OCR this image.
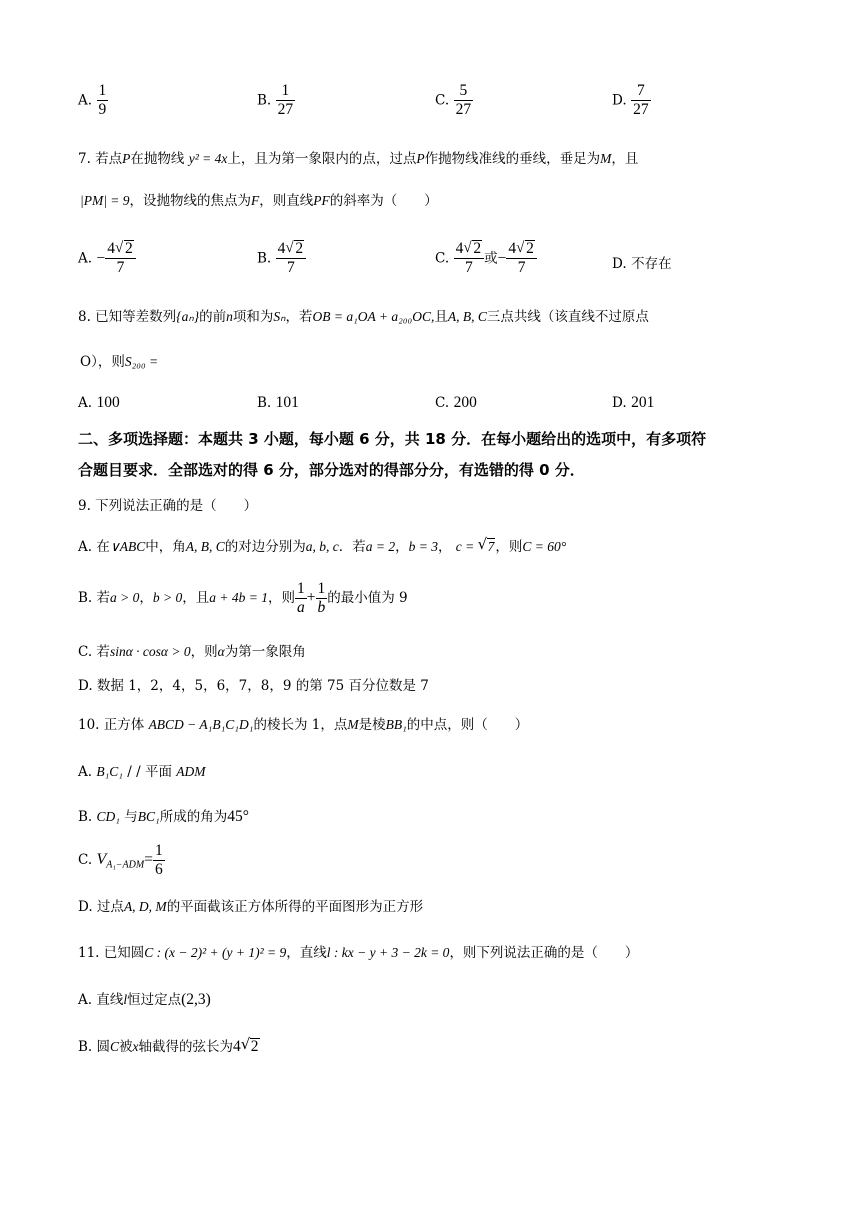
A. $\frac{1}{9}$	B. $\frac{1}{27}$	C. $\frac{5}{27}$	D. $\frac{7}{27}$
7. 若点P在抛物线 y² = 4x上，且为第一象限内的点，过点P作抛物线准线的垂线，垂足为M，且
|PM| = 9，设抛物线的焦点为F，则直线PF的斜率为（　　）
A. − $\frac{4 √ 2}{7}$	B. $\frac{4 √ 2}{7}$	C. $\frac{4 √ 2}{7}$ 或− $\frac{4 √ 2}{7}$	D. 不存在
8. 已知等差数列{aₙ}的前n项和为Sₙ，若OB = a₁OA + a₂₀₀OC,且A, B, C三点共线（该直线不过原点
O），则S₂₀₀ =
A. 100	B. 101	C. 200	D. 201
二、多项选择题：本题共 3 小题，每小题 6 分，共 18 分．在每小题给出的选项中，有多项符
合题目要求．全部选对的得 6 分，部分选对的得部分分，有选错的得 0 分．
9. 下列说法正确的是（　　）
A. 在∨ABC中，角A, B, C的对边分别为a, b, c．若a = 2，b = 3， c = √ 7，则C = 60°
B. 若a > 0，b > 0，且a + 4b = 1，则 $\frac{1}{a} + \frac{1}{b}$ 的最小值为 9
C. 若sinα · cosα > 0，则α为第一象限角
D. 数据 1，2，4，5，6，7，8，9 的第 75 百分位数是 7
10. 正方体 ABCD − A₁B₁C₁D₁的棱长为 1，点M是棱BB₁的中点，则（　　）
A. B₁C₁ / / 平面 ADM
B. CD₁ 与BC₁所成的角为45°
C. $V_{A_1-ADM}= \frac{1}{6}$
D. 过点A, D, M的平面截该正方体所得的平面图形为正方形
11. 已知圆C : (x − 2)² + (y + 1)² = 9，直线l : kx − y + 3 − 2k = 0，则下列说法正确的是（　　）
A. 直线l恒过定点(2,3)
B. 圆C被x轴截得的弦长为4 √ 2
